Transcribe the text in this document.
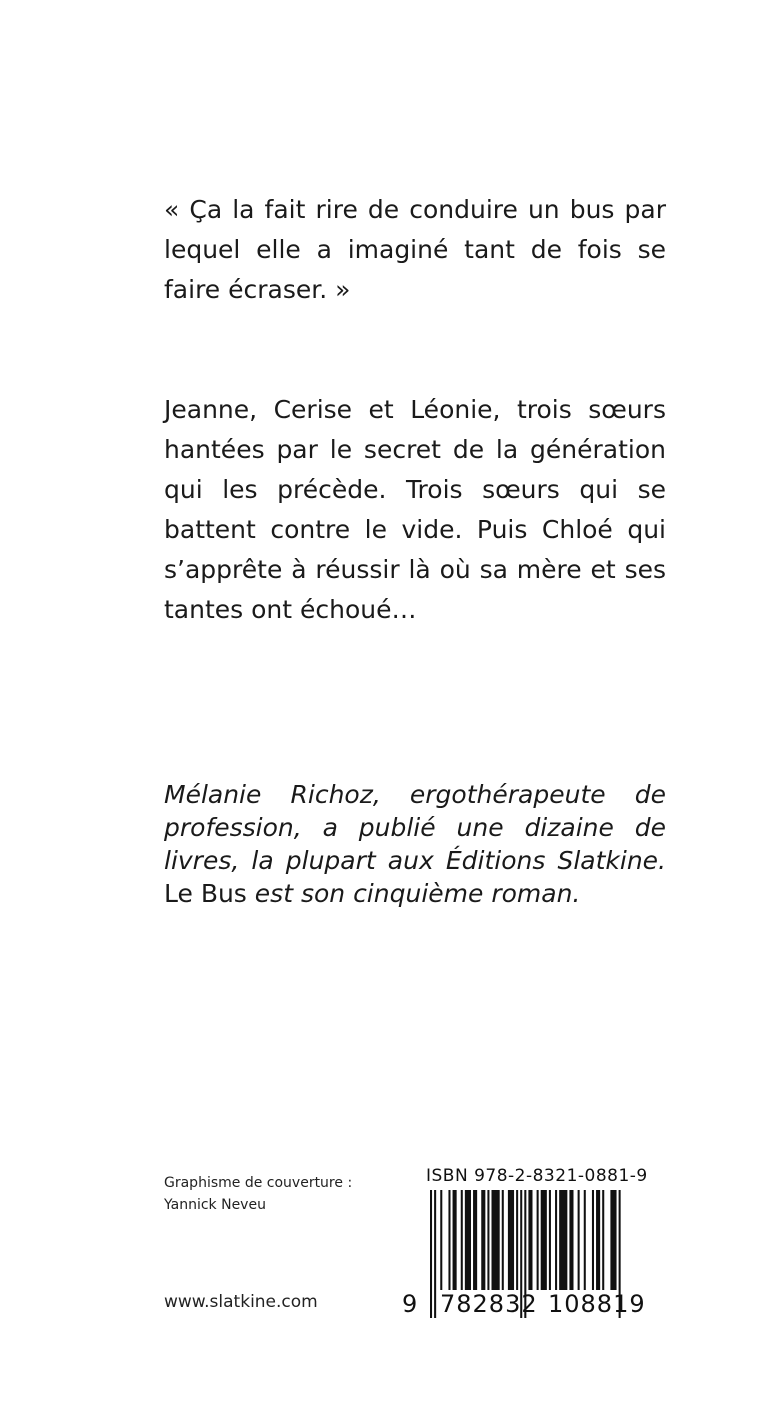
« Ça la fait rire de conduire un bus par lequel elle a imaginé tant de fois se faire écraser. »

Jeanne, Cerise et Léonie, trois sœurs hantées par le secret de la génération qui les précède. Trois sœurs qui se battent contre le vide. Puis Chloé qui s’apprête à réussir là où sa mère et ses tantes ont échoué…

Mélanie Richoz, ergothérapeute de profession, a publié une dizaine de livres, la plupart aux Éditions Slatkine. Le Bus est son cinquième roman.

Graphisme de couverture :
Yannick Neveu
www.slatkine.com
ISBN 978-2-8321-0881-9
9 782832 108819
